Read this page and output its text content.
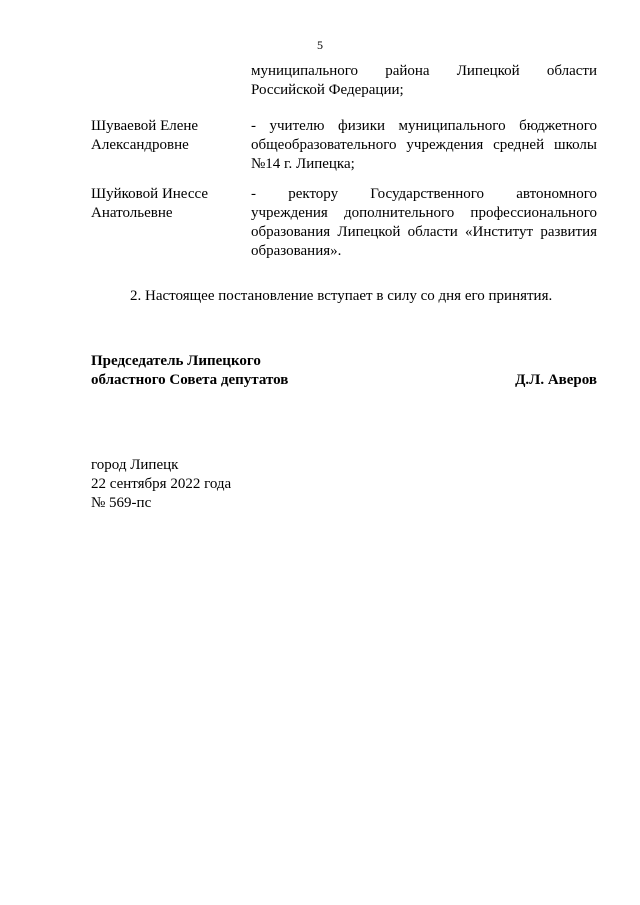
5
муниципального района Липецкой области
Российской Федерации;
Шуваевой Елене
Александровне
- учителю физики муниципального бюджетного
общеобразовательного учреждения средней школы
№14 г. Липецка;
Шуйковой Инессе
Анатольевне
- ректору Государственного автономного
учреждения дополнительного профессионального
образования Липецкой области «Институт развития
образования».
2. Настоящее постановление вступает в силу со дня его принятия.
Председатель Липецкого
областного Совета депутатов	Д.Л. Аверов
город Липецк
22 сентября 2022 года
№ 569-пс
